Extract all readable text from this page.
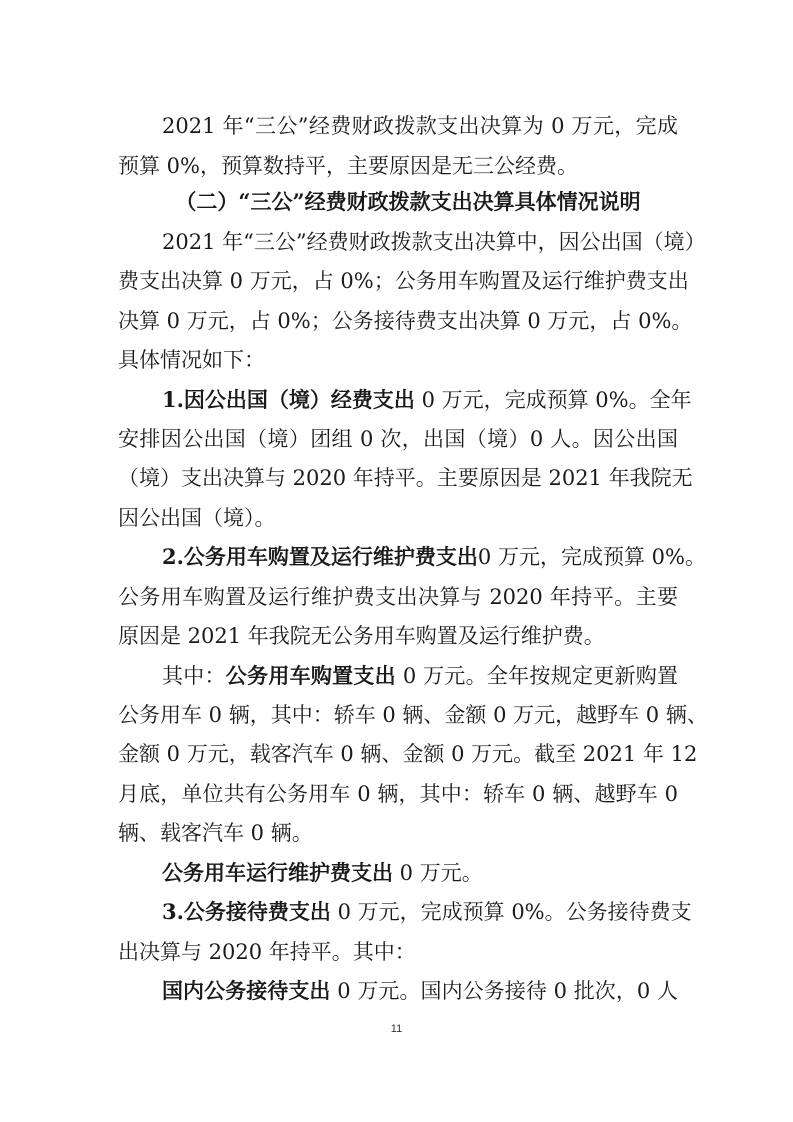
2021 年“三公”经费财政拨款支出决算为 0 万元，完成
预算 0%，预算数持平，主要原因是无三公经费。
（二）“三公”经费财政拨款支出决算具体情况说明
2021 年“三公”经费财政拨款支出决算中，因公出国（境）
费支出决算 0 万元，占 0%；公务用车购置及运行维护费支出
决算 0 万元，占 0%；公务接待费支出决算 0 万元，占 0%。
具体情况如下：
1.因公出国（境）经费支出 0 万元，完成预算 0%。全年
安排因公出国（境）团组 0 次，出国（境）0 人。因公出国
（境）支出决算与 2020 年持平。主要原因是 2021 年我院无
因公出国（境）。
2.公务用车购置及运行维护费支出0 万元，完成预算 0%。
公务用车购置及运行维护费支出决算与 2020 年持平。主要
原因是 2021 年我院无公务用车购置及运行维护费。
其中：公务用车购置支出 0 万元。全年按规定更新购置
公务用车 0 辆，其中：轿车 0 辆、金额 0 万元，越野车 0 辆、
金额 0 万元，载客汽车 0 辆、金额 0 万元。截至 2021 年 12
月底，单位共有公务用车 0 辆，其中：轿车 0 辆、越野车 0
辆、载客汽车 0 辆。
公务用车运行维护费支出 0 万元。
3.公务接待费支出 0 万元，完成预算 0%。公务接待费支
出决算与 2020 年持平。其中：
国内公务接待支出 0 万元。国内公务接待 0 批次，0 人
11
